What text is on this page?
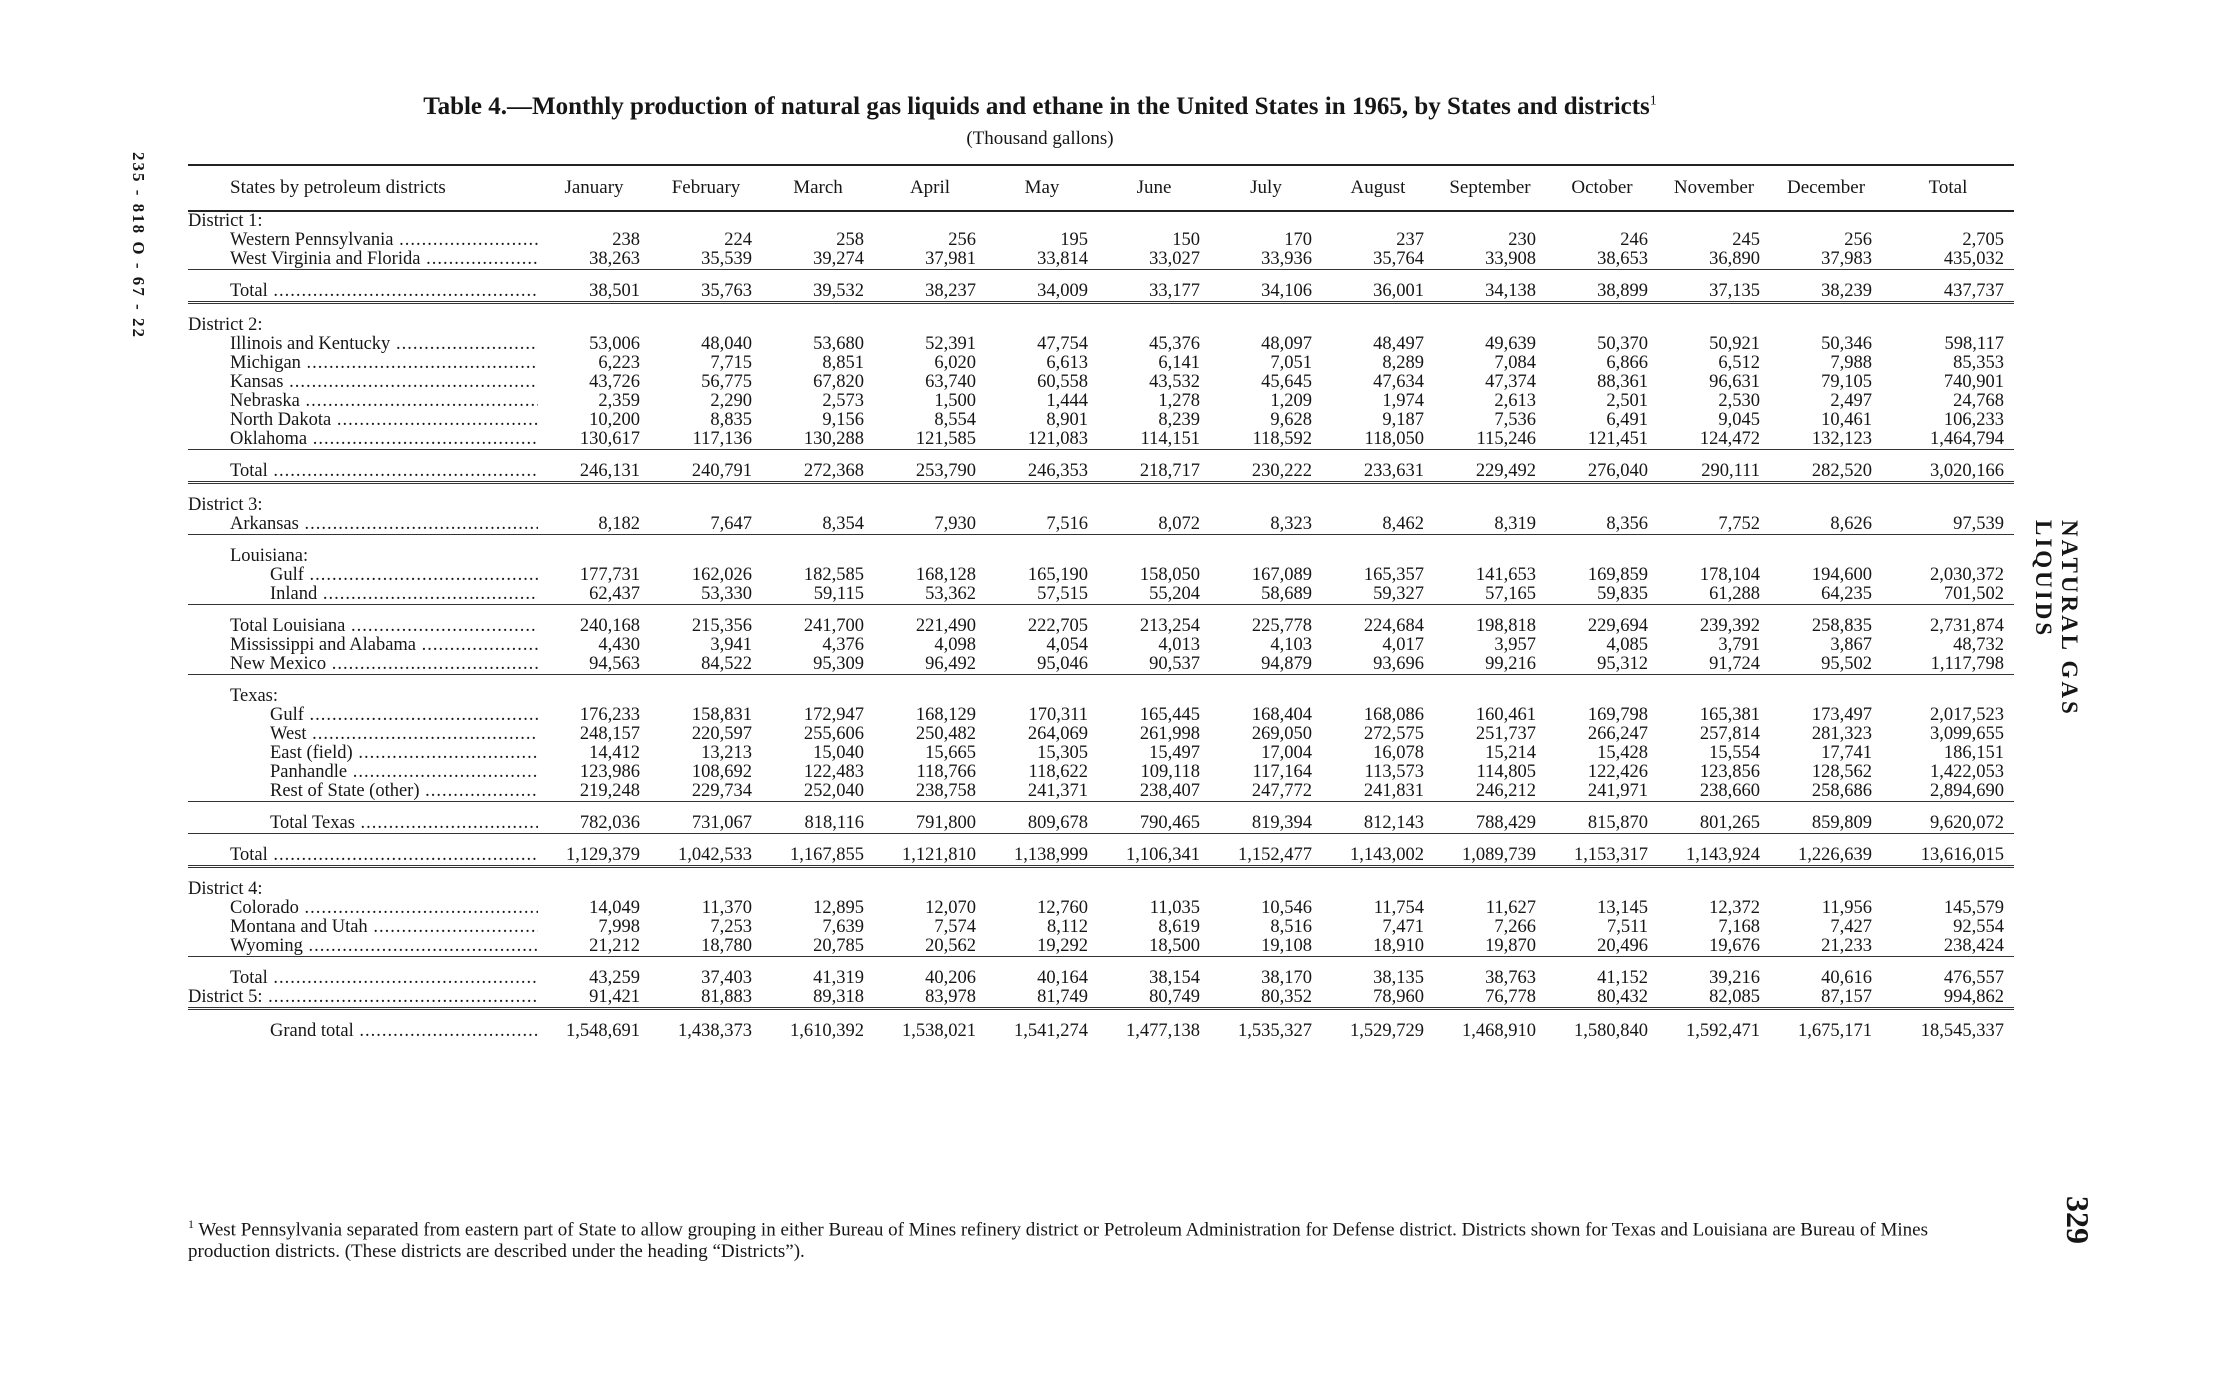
235 - 818 O - 67 - 22
NATURAL GAS LIQUIDS
329
Table 4.—Monthly production of natural gas liquids and ethane in the United States in 1965, by States and districts$^1$
(Thousand gallons)
States by petroleum districts	January	February	March	April	May	June	July	August	September	October	November	December	Total
District 1:													
Western Pennsylvania .....	238	224	258	256	195	150	170	237	230	246	245	256	2,705
West Virginia and Florida .....	38,263	35,539	39,274	37,981	33,814	33,027	33,936	35,764	33,908	38,653	36,890	37,983	435,032
Total .....	38,501	35,763	39,532	38,237	34,009	33,177	34,106	36,001	34,138	38,899	37,135	38,239	437,737
District 2:													
Illinois and Kentucky .....	53,006	48,040	53,680	52,391	47,754	45,376	48,097	48,497	49,639	50,370	50,921	50,346	598,117
Michigan .....	6,223	7,715	8,851	6,020	6,613	6,141	7,051	8,289	7,084	6,866	6,512	7,988	85,353
Kansas .....	43,726	56,775	67,820	63,740	60,558	43,532	45,645	47,634	47,374	88,361	96,631	79,105	740,901
Nebraska .....	2,359	2,290	2,573	1,500	1,444	1,278	1,209	1,974	2,613	2,501	2,530	2,497	24,768
North Dakota .....	10,200	8,835	9,156	8,554	8,901	8,239	9,628	9,187	7,536	6,491	9,045	10,461	106,233
Oklahoma .....	130,617	117,136	130,288	121,585	121,083	114,151	118,592	118,050	115,246	121,451	124,472	132,123	1,464,794
Total .....	246,131	240,791	272,368	253,790	246,353	218,717	230,222	233,631	229,492	276,040	290,111	282,520	3,020,166
District 3:													
Arkansas .....	8,182	7,647	8,354	7,930	7,516	8,072	8,323	8,462	8,319	8,356	7,752	8,626	97,539
Louisiana:													
Gulf .....	177,731	162,026	182,585	168,128	165,190	158,050	167,089	165,357	141,653	169,859	178,104	194,600	2,030,372
Inland .....	62,437	53,330	59,115	53,362	57,515	55,204	58,689	59,327	57,165	59,835	61,288	64,235	701,502
Total Louisiana .....	240,168	215,356	241,700	221,490	222,705	213,254	225,778	224,684	198,818	229,694	239,392	258,835	2,731,874
Mississippi and Alabama .....	4,430	3,941	4,376	4,098	4,054	4,013	4,103	4,017	3,957	4,085	3,791	3,867	48,732
New Mexico .....	94,563	84,522	95,309	96,492	95,046	90,537	94,879	93,696	99,216	95,312	91,724	95,502	1,117,798
Texas:													
Gulf .....	176,233	158,831	172,947	168,129	170,311	165,445	168,404	168,086	160,461	169,798	165,381	173,497	2,017,523
West .....	248,157	220,597	255,606	250,482	264,069	261,998	269,050	272,575	251,737	266,247	257,814	281,323	3,099,655
East (field) .....	14,412	13,213	15,040	15,665	15,305	15,497	17,004	16,078	15,214	15,428	15,554	17,741	186,151
Panhandle .....	123,986	108,692	122,483	118,766	118,622	109,118	117,164	113,573	114,805	122,426	123,856	128,562	1,422,053
Rest of State (other) .....	219,248	229,734	252,040	238,758	241,371	238,407	247,772	241,831	246,212	241,971	238,660	258,686	2,894,690
Total Texas .....	782,036	731,067	818,116	791,800	809,678	790,465	819,394	812,143	788,429	815,870	801,265	859,809	9,620,072
Total .....	1,129,379	1,042,533	1,167,855	1,121,810	1,138,999	1,106,341	1,152,477	1,143,002	1,089,739	1,153,317	1,143,924	1,226,639	13,616,015
District 4:													
Colorado .....	14,049	11,370	12,895	12,070	12,760	11,035	10,546	11,754	11,627	13,145	12,372	11,956	145,579
Montana and Utah .....	7,998	7,253	7,639	7,574	8,112	8,619	8,516	7,471	7,266	7,511	7,168	7,427	92,554
Wyoming .....	21,212	18,780	20,785	20,562	19,292	18,500	19,108	18,910	19,870	20,496	19,676	21,233	238,424
Total .....	43,259	37,403	41,319	40,206	40,164	38,154	38,170	38,135	38,763	41,152	39,216	40,616	476,557
District 5: .....	91,421	81,883	89,318	83,978	81,749	80,749	80,352	78,960	76,778	80,432	82,085	87,157	994,862
Grand total .....	1,548,691	1,438,373	1,610,392	1,538,021	1,541,274	1,477,138	1,535,327	1,529,729	1,468,910	1,580,840	1,592,471	1,675,171	18,545,337
$^1$ West Pennsylvania separated from eastern part of State to allow grouping in either Bureau of Mines refinery district or Petroleum Administration for Defense district. Districts shown for Texas and Louisiana are Bureau of Mines production districts. (These districts are described under the heading “Districts”).
